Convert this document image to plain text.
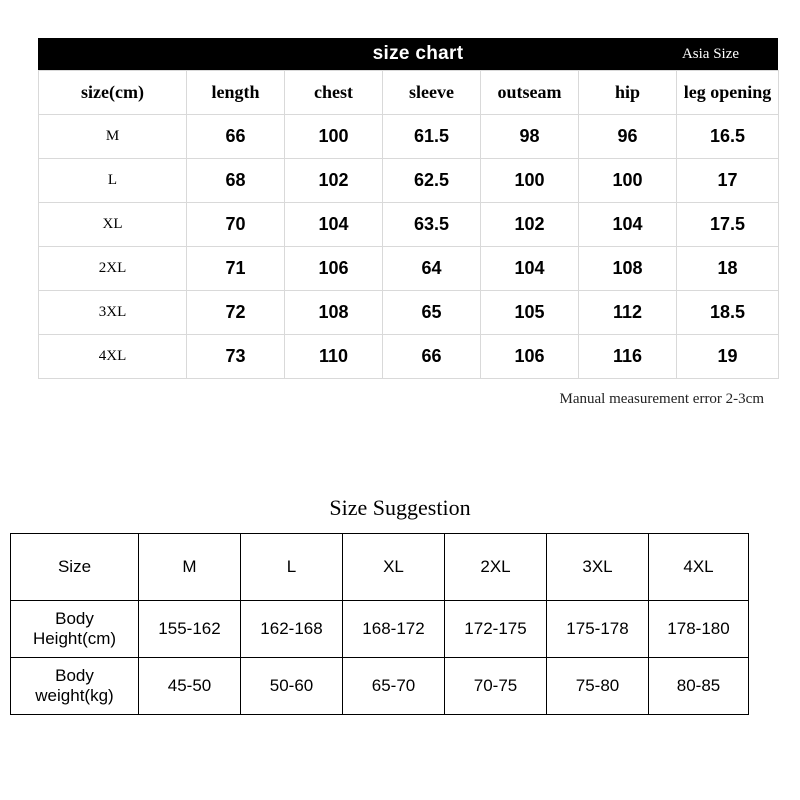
size chart	Asia Size
size(cm)	length	chest	sleeve	outseam	hip	leg opening
M	66	100	61.5	98	96	16.5
L	68	102	62.5	100	100	17
XL	70	104	63.5	102	104	17.5
2XL	71	106	64	104	108	18
3XL	72	108	65	105	112	18.5
4XL	73	110	66	106	116	19
Manual measurement error 2-3cm
Size Suggestion
Size	M	L	XL	2XL	3XL	4XL
Body
Height(cm)	155-162	162-168	168-172	172-175	175-178	178-180
Body
weight(kg)	45-50	50-60	65-70	70-75	75-80	80-85
